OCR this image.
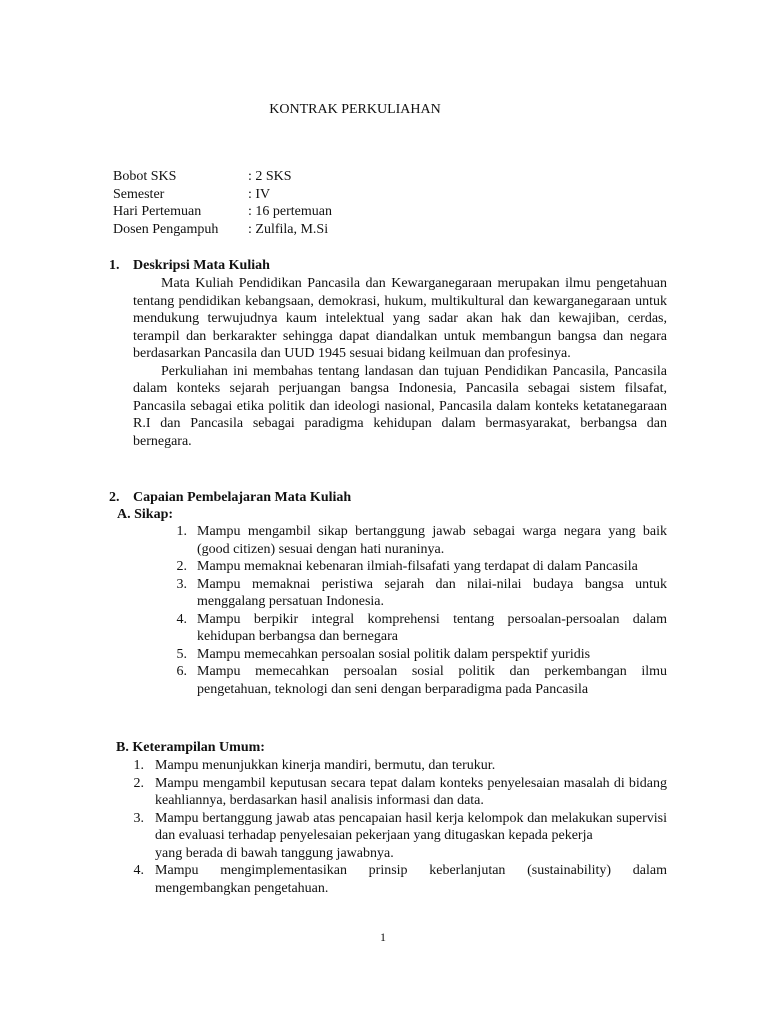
KONTRAK PERKULIAHAN
Bobot SKS	: 2 SKS
Semester	: IV
Hari Pertemuan	: 16 pertemuan
Dosen Pengampuh	: Zulfila, M.Si
1. Deskripsi Mata Kuliah

Mata Kuliah Pendidikan Pancasila dan Kewarganegaraan merupakan ilmu pengetahuan tentang pendidikan kebangsaan, demokrasi, hukum, multikultural dan kewarganegaraan untuk mendukung terwujudnya kaum intelektual yang sadar akan hak dan kewajiban, cerdas, terampil dan berkarakter sehingga dapat diandalkan untuk membangun bangsa dan negara berdasarkan Pancasila dan UUD 1945 sesuai bidang keilmuan dan profesinya.

Perkuliahan ini membahas tentang landasan dan tujuan Pendidikan Pancasila, Pancasila dalam konteks sejarah perjuangan bangsa Indonesia, Pancasila sebagai sistem filsafat, Pancasila sebagai etika politik dan ideologi nasional, Pancasila dalam konteks ketatanegaraan R.I dan Pancasila sebagai paradigma kehidupan dalam bermasyarakat, berbangsa dan bernegara.

2. Capaian Pembelajaran Mata Kuliah
A. Sikap:
1. Mampu mengambil sikap bertanggung jawab sebagai warga negara yang baik (good citizen) sesuai dengan hati nuraninya.
2. Mampu memaknai kebenaran ilmiah-filsafati yang terdapat di dalam Pancasila
3. Mampu memaknai peristiwa sejarah dan nilai-nilai budaya bangsa untuk menggalang persatuan Indonesia.
4. Mampu berpikir integral komprehensi tentang persoalan-persoalan dalam kehidupan berbangsa dan bernegara
5. Mampu memecahkan persoalan sosial politik dalam perspektif yuridis
6. Mampu memecahkan persoalan sosial politik dan perkembangan ilmu pengetahuan, teknologi dan seni dengan berparadigma pada Pancasila
B. Keterampilan Umum:
1. Mampu menunjukkan kinerja mandiri, bermutu, dan terukur.
2. Mampu mengambil keputusan secara tepat dalam konteks penyelesaian masalah di bidang keahliannya, berdasarkan hasil analisis informasi dan data.
3. Mampu bertanggung jawab atas pencapaian hasil kerja kelompok dan melakukan supervisi dan evaluasi terhadap penyelesaian pekerjaan yang ditugaskan kepada pekerja
yang berada di bawah tanggung jawabnya.
4. Mampu mengimplementasikan prinsip keberlanjutan (sustainability) dalam mengembangkan pengetahuan.
1
